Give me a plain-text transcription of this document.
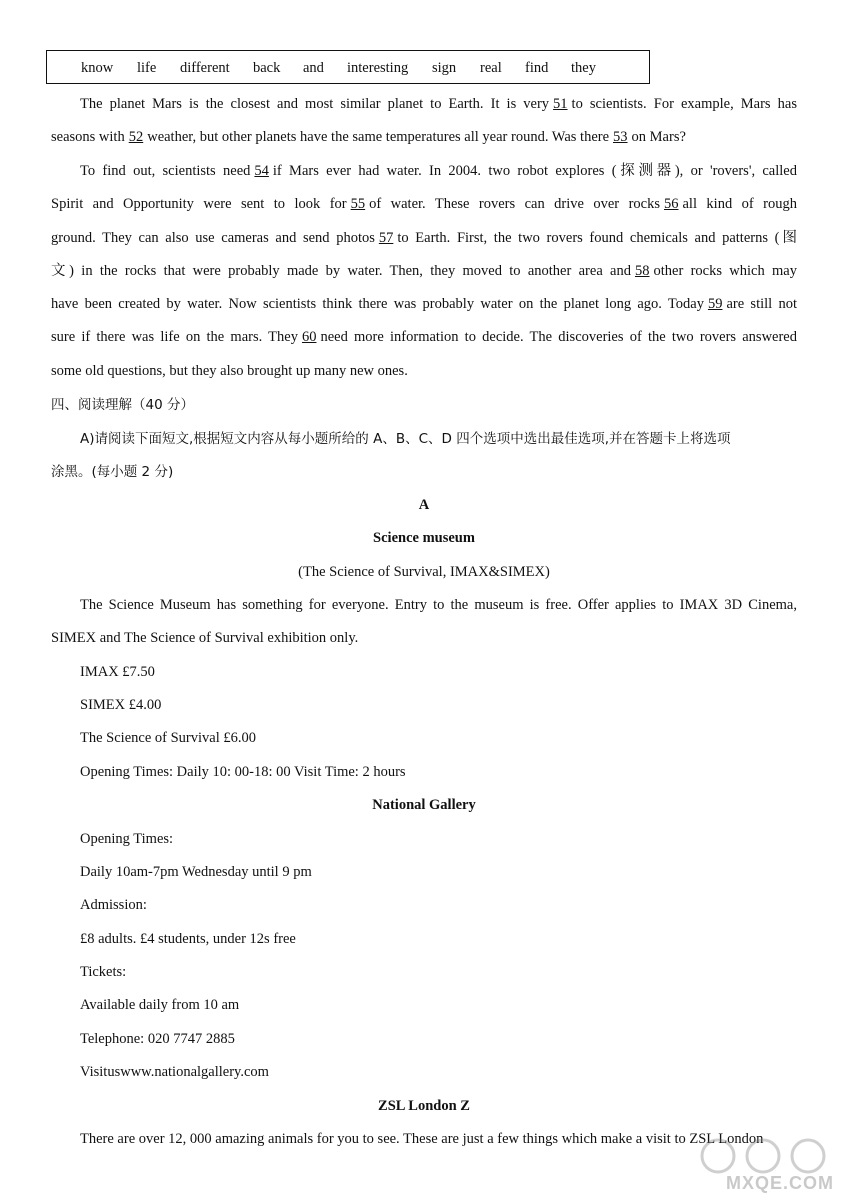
know life different back and interesting sign real find they
The planet Mars is the closest and most similar planet to Earth. It is very 51 to scientists. For example, Mars has
seasons with 52 weather, but other planets have the same temperatures all year round. Was there 53 on Mars?
To find out, scientists need 54 if Mars ever had water. In 2004. two robot explores (探测器), or 'rovers', called
Spirit and Opportunity were sent to look for 55 of water. These rovers can drive over rocks 56 all kind of rough
ground. They can also use cameras and send photos 57 to Earth. First, the two rovers found chemicals and patterns (图
文) in the rocks that were probably made by water. Then, they moved to another area and 58 other rocks which may
have been created by water. Now scientists think there was probably water on the planet long ago. Today 59 are still not
sure if there was life on the mars. They 60 need more information to decide. The discoveries of the two rovers answered
some old questions, but they also brought up many new ones.
四、阅读理解（40 分）
A)请阅读下面短文,根据短文内容从每小题所给的 A、B、C、D 四个选项中选出最佳选项,并在答题卡上将选项
涂黑。(每小题 2 分)
A
Science museum
(The Science of Survival, IMAX&SIMEX)
The Science Museum has something for everyone. Entry to the museum is free. Offer applies to IMAX 3D Cinema,
SIMEX and The Science of Survival exhibition only.
IMAX £7.50
SIMEX £4.00
The Science of Survival £6.00
Opening Times: Daily 10: 00-18: 00 Visit Time: 2 hours
National Gallery
Opening Times:
Daily 10am-7pm Wednesday until 9 pm
Admission:
£8 adults. £4 students, under 12s free
Tickets:
Available daily from 10 am
Telephone: 020 7747 2885
Visituswww.nationalgallery.com
ZSL London Z
There are over 12, 000 amazing animals for you to see. These are just a few things which make a visit to ZSL London
MXQE.COM
